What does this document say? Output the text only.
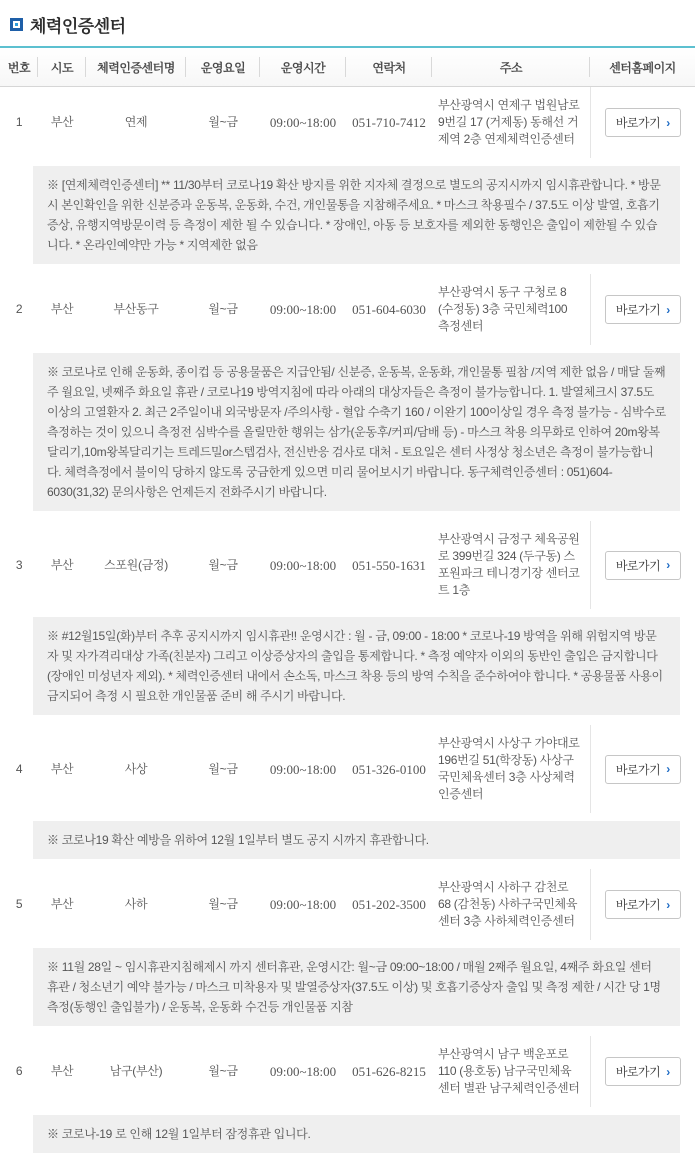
체력인증센터
번호	시도	체력인증센터명	운영요일	운영시간	연락처	주소	센터홈페이지
1	부산	연제	월~금	09:00~18:00	051-710-7412	부산광역시 연제구 법원남로9번길 17 (거제동) 동해선 거제역 2층 연제체력인증센터	바로가기 ›

※ [연제체력인증센터] ** 11/30부터 코로나19 확산 방지를 위한 지자체 결정으로 별도의 공지시까지 임시휴관합니다. * 방문 시 본인확인을 위한 신분증과 운동복, 운동화, 수건, 개인물통을 지참해주세요. * 마스크 착용필수 / 37.5도 이상 발열, 호흡기증상, 유행지역방문이력 등 측정이 제한 될 수 있습니다. * 장애인, 아동 등 보호자를 제외한 동행인은 출입이 제한될 수 있습니다. * 온라인예약만 가능 * 지역제한 없음							

2	부산	부산동구	월~금	09:00~18:00	051-604-6030	부산광역시 동구 구청로 8 (수정동) 3층 국민체력100 측정센터	바로가기 ›

※ 코로나로 인해 운동화, 종이컵 등 공용물품은 지급안됨/ 신분증, 운동복, 운동화, 개인물통 필참 /지역 제한 없음 / 매달 둘째주 월요일, 넷째주 화요일 휴관 / 코로나19 방역지침에 따라 아래의 대상자들은 측정이 불가능합니다. 1. 발열체크시 37.5도 이상의 고열환자 2. 최근 2주일이내 외국방문자 /주의사항 - 혈압 수축기 160 / 이완기 100이상일 경우 측정 불가능 - 심박수로 측정하는 것이 있으니 측정전 심박수를 올릴만한 행위는 삼가(운동후/커피/담배 등) - 마스크 착용 의무화로 인하여 20m왕복달리기,10m왕복달리기는 트레드밀or스텝검사, 전신반응 검사로 대처 - 토요일은 센터 사정상 청소년은 측정이 불가능합니다. 체력측정에서 불이익 당하지 않도록 궁금한게 있으면 미리 물어보시기 바랍니다. 동구체력인증센터 : 051)604-6030(31,32) 문의사항은 언제든지 전화주시기 바랍니다.							

3	부산	스포원(금정)	월~금	09:00~18:00	051-550-1631	부산광역시 금정구 체육공원로 399번길 324 (두구동) 스포원파크 테니경기장 센터코트 1층	바로가기 ›

※ #12월15일(화)부터 추후 공지시까지 임시휴관!! 운영시간 : 월 - 금, 09:00 - 18:00 * 코로나-19 방역을 위해 위험지역 방문자 및 자가격리대상 가족(친분자) 그리고 이상증상자의 출입을 통제합니다. * 측정 예약자 이외의 동반인 출입은 금지합니다(장애인 미성년자 제외). * 체력인증센터 내에서 손소독, 마스크 착용 등의 방역 수칙을 준수하여야 합니다. * 공용물품 사용이 금지되어 측정 시 필요한 개인물품 준비 해 주시기 바랍니다.							

4	부산	사상	월~금	09:00~18:00	051-326-0100	부산광역시 사상구 가야대로 196번길 51(학장동) 사상구국민체육센터 3층 사상체력인증센터	바로가기 ›

※ 코로나19 확산 예방을 위하여 12월 1일부터 별도 공지 시까지 휴관합니다.							

5	부산	사하	월~금	09:00~18:00	051-202-3500	부산광역시 사하구 감천로 68 (감천동) 사하구국민체육센터 3층 사하체력인증센터	바로가기 ›

※ 11월 28일 ~ 임시휴관지침해제시 까지 센터휴관, 운영시간: 월~금 09:00~18:00 / 매월 2째주 월요일, 4째주 화요일 센터 휴관 / 청소년기 예약 불가능 / 마스크 미착용자 및 발열증상자(37.5도 이상) 및 호흡기증상자 출입 및 측정 제한 / 시간 당 1명 측정(동행인 출입불가) / 운동복, 운동화 수건등 개인물품 지참							

6	부산	남구(부산)	월~금	09:00~18:00	051-626-8215	부산광역시 남구 백운포로 110 (용호동) 남구국민체육센터 별관 남구체력인증센터	바로가기 ›

※ 코로나-19 로 인해 12월 1일부터 잠정휴관 입니다.							
